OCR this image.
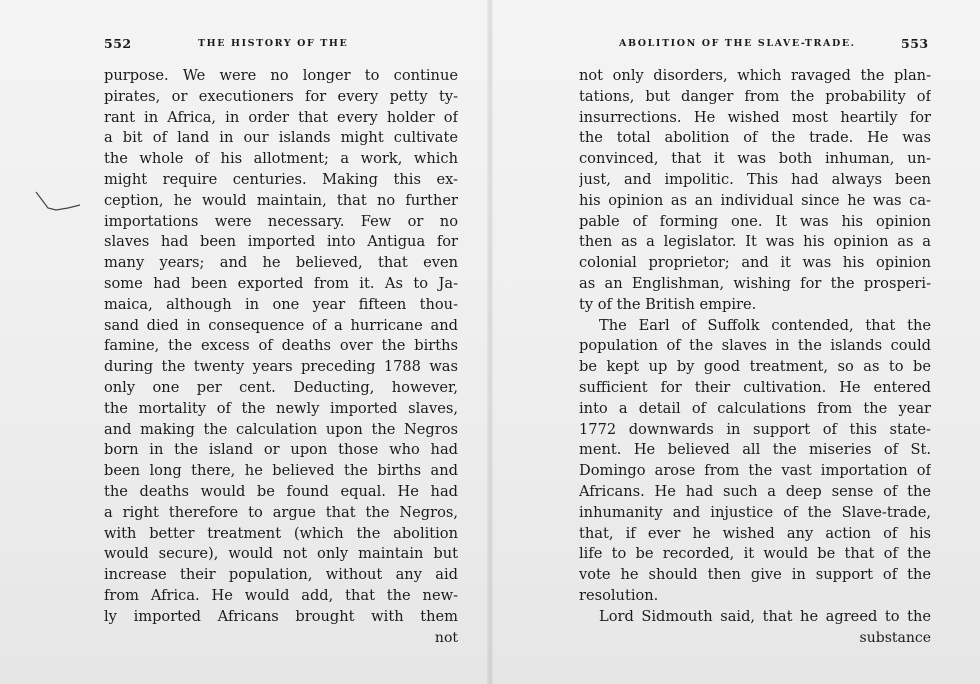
552	THE HISTORY OF THE
purpose. We were no longer to continue
pirates, or executioners for every petty ty-
rant in Africa, in order that every holder of
a bit of land in our islands might cultivate
the whole of his allotment; a work, which
might require centuries. Making this ex-
ception, he would maintain, that no further
importations were necessary. Few or no
slaves had been imported into Antigua for
many years; and he believed, that even
some had been exported from it. As to Ja-
maica, although in one year fifteen thou-
sand died in consequence of a hurricane and
famine, the excess of deaths over the births
during the twenty years preceding 1788 was
only one per cent. Deducting, however,
the mortality of the newly imported slaves,
and making the calculation upon the Negros
born in the island or upon those who had
been long there, he believed the births and
the deaths would be found equal. He had
a right therefore to argue that the Negros,
with better treatment (which the abolition
would secure), would not only maintain but
increase their population, without any aid
from Africa. He would add, that the new-
ly imported Africans brought with them
not
ABOLITION OF THE SLAVE-TRADE.	553
not only disorders, which ravaged the plan-
tations, but danger from the probability of
insurrections. He wished most heartily for
the total abolition of the trade. He was
convinced, that it was both inhuman, un-
just, and impolitic. This had always been
his opinion as an individual since he was ca-
pable of forming one. It was his opinion
then as a legislator. It was his opinion as a
colonial proprietor; and it was his opinion
as an Englishman, wishing for the prosperi-
ty of the British empire.
The Earl of Suffolk contended, that the
population of the slaves in the islands could
be kept up by good treatment, so as to be
sufficient for their cultivation. He entered
into a detail of calculations from the year
1772 downwards in support of this state-
ment. He believed all the miseries of St.
Domingo arose from the vast importation of
Africans. He had such a deep sense of the
inhumanity and injustice of the Slave-trade,
that, if ever he wished any action of his
life to be recorded, it would be that of the
vote he should then give in support of the
resolution.
Lord Sidmouth said, that he agreed to the
substance
